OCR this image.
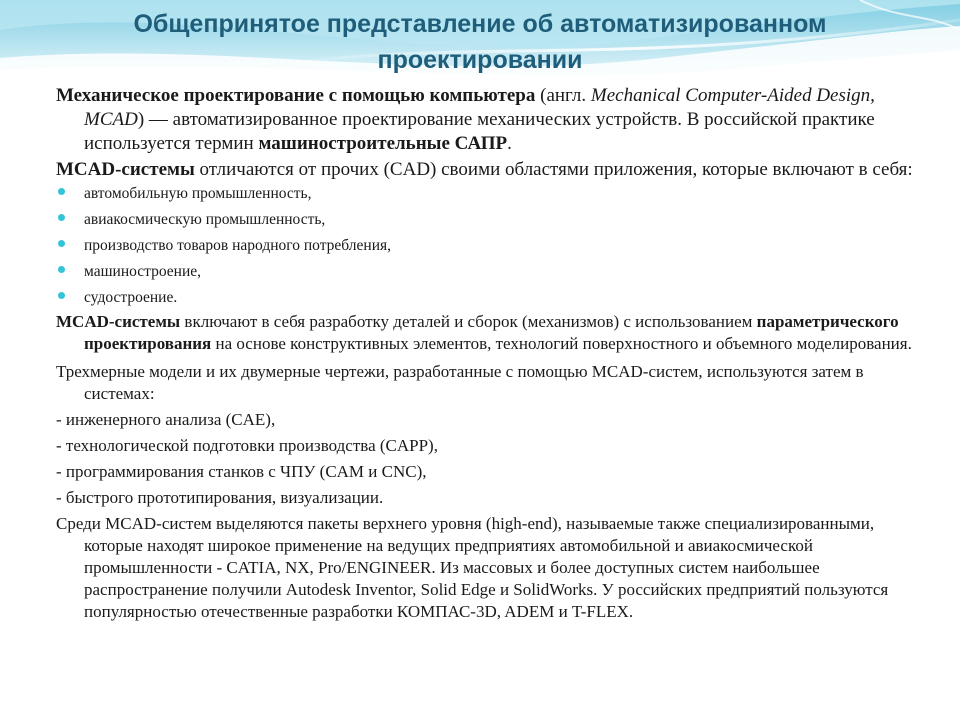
Общепринятое представление об автоматизированном проектировании

Механическое проектирование с помощью компьютера (англ. Mechanical Computer-Aided Design, MCAD) — автоматизированное проектирование механических устройств. В российской практике используется термин машиностроительные САПР.

MCAD-системы отличаются от прочих (CAD) своими областями приложения, которые включают в себя:

автомобильную промышленность,

авиакосмическую промышленность,

производство товаров народного потребления,

машиностроение,

судостроение.

MCAD-системы включают в себя разработку деталей и сборок (механизмов) с использованием параметрического проектирования на основе конструктивных элементов, технологий поверхностного и объемного моделирования.

Трехмерные модели и их двумерные чертежи, разработанные с помощью MCAD-систем, используются затем в системах:

- инженерного анализа (CAE),

- технологической подготовки производства (CAPP),

- программирования станков с ЧПУ (CAM и CNC),

- быстрого прототипирования, визуализации.

Среди MCAD-систем выделяются пакеты верхнего уровня (high-end), называемые также специализированными, которые находят широкое применение на ведущих предприятиях автомобильной и авиакосмической промышленности - CATIA, NX, Pro/ENGINEER. Из массовых и более доступных систем наибольшее распространение получили Autodesk Inventor, Solid Edge и SolidWorks. У российских предприятий пользуются популярностью отечественные разработки КОМПАС-3D, ADEM и T-FLEX.
